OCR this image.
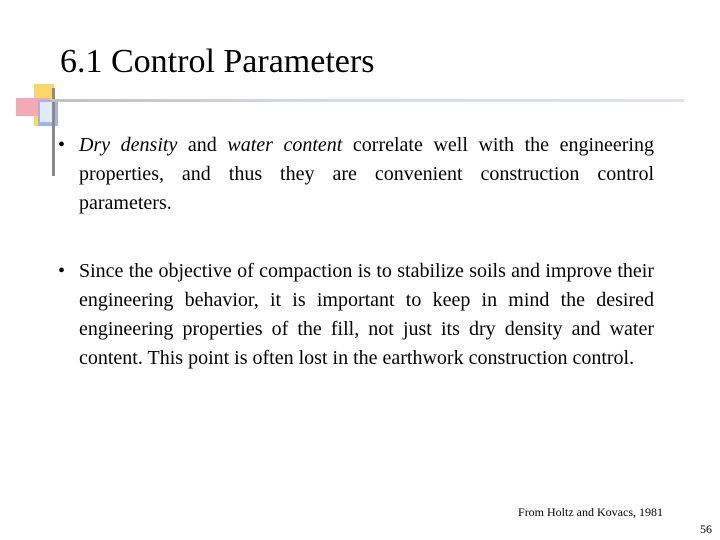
6.1 Control Parameters
• Dry density and water content correlate well with the engineering properties, and thus they are convenient construction control parameters.
• Since the objective of compaction is to stabilize soils and improve their engineering behavior, it is important to keep in mind the desired engineering properties of the fill, not just its dry density and water content. This point is often lost in the earthwork construction control.
From Holtz and Kovacs, 1981
56
